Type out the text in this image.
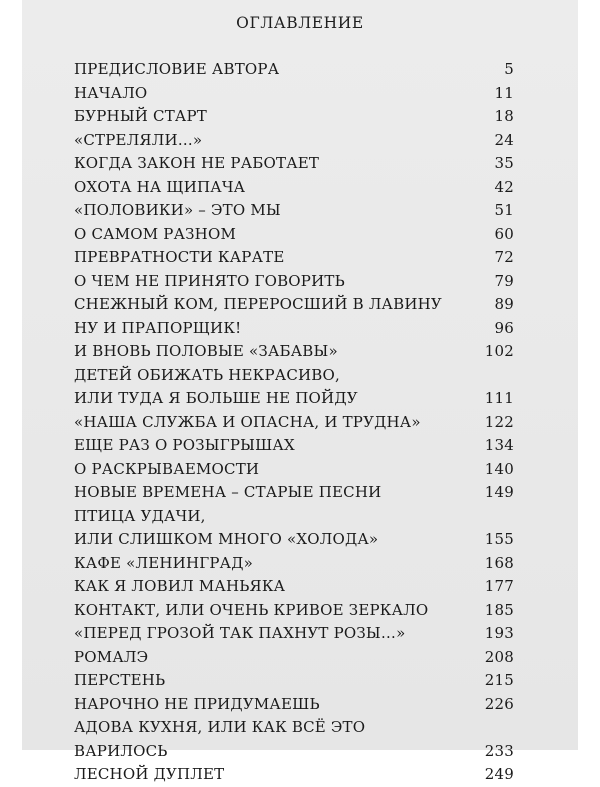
ОГЛАВЛЕНИЕ
ПРЕДИСЛОВИЕ АВТОРА	5
НАЧАЛО	11
БУРНЫЙ СТАРТ	18
«СТРЕЛЯЛИ…»	24
КОГДА ЗАКОН НЕ РАБОТАЕТ	35
ОХОТА НА ЩИПАЧА	42
«ПОЛОВИКИ» – ЭТО МЫ	51
О САМОМ РАЗНОМ	60
ПРЕВРАТНОСТИ КАРАТЕ	72
О ЧЕМ НЕ ПРИНЯТО ГОВОРИТЬ	79
СНЕЖНЫЙ КОМ, ПЕРЕРОСШИЙ В ЛАВИНУ	89
НУ И ПРАПОРЩИК!	96
И ВНОВЬ ПОЛОВЫЕ «ЗАБАВЫ»	102
ДЕТЕЙ ОБИЖАТЬ НЕКРАСИВО,
ИЛИ ТУДА Я БОЛЬШЕ НЕ ПОЙДУ	111
«НАША СЛУЖБА И ОПАСНА, И ТРУДНА»	122
ЕЩЕ РАЗ О РОЗЫГРЫШАХ	134
О РАСКРЫВАЕМОСТИ	140
НОВЫЕ ВРЕМЕНА – СТАРЫЕ ПЕСНИ	149
ПТИЦА УДАЧИ,
ИЛИ СЛИШКОМ МНОГО «ХОЛОДА»	155
КАФЕ «ЛЕНИНГРАД»	168
КАК Я ЛОВИЛ МАНЬЯКА	177
КОНТАКТ, ИЛИ ОЧЕНЬ КРИВОЕ ЗЕРКАЛО	185
«ПЕРЕД ГРОЗОЙ ТАК ПАХНУТ РОЗЫ…»	193
РОМАЛЭ	208
ПЕРСТЕНЬ	215
НАРОЧНО НЕ ПРИДУМАЕШЬ	226
АДОВА КУХНЯ, ИЛИ КАК ВСЁ ЭТО ВАРИЛОСЬ	233
ЛЕСНОЙ ДУПЛЕТ	249
